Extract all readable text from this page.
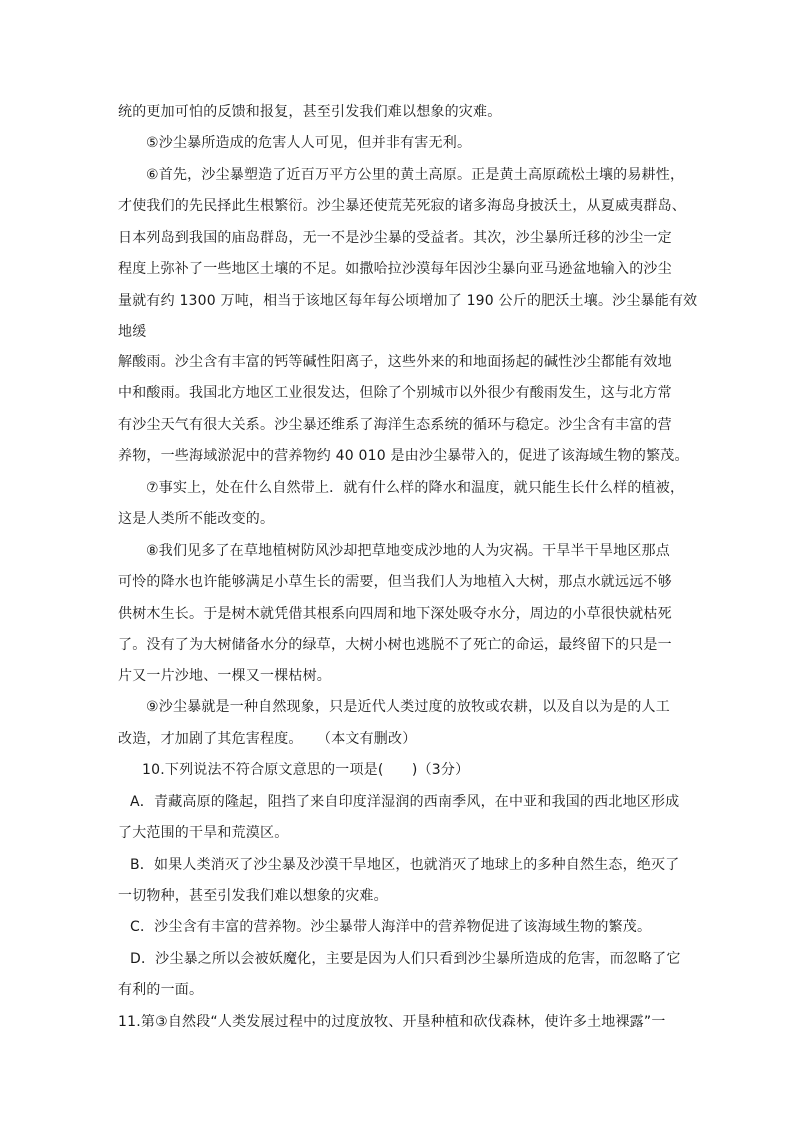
统的更加可怕的反馈和报复，甚至引发我们难以想象的灾难。
⑤沙尘暴所造成的危害人人可见，但并非有害无利。
⑥首先，沙尘暴塑造了近百万平方公里的黄土高原。正是黄土高原疏松土壤的易耕性，
才使我们的先民择此生根繁衍。沙尘暴还使荒芜死寂的诸多海岛身披沃土，从夏威夷群岛、
日本列岛到我国的庙岛群岛，无一不是沙尘暴的受益者。其次，沙尘暴所迁移的沙尘一定
程度上弥补了一些地区土壤的不足。如撒哈拉沙漠每年因沙尘暴向亚马逊盆地输入的沙尘
量就有约 1300 万吨，相当于该地区每年每公顷增加了 190 公斤的肥沃土壤。沙尘暴能有效
地缓
解酸雨。沙尘含有丰富的钙等碱性阳离子，这些外来的和地面扬起的碱性沙尘都能有效地
中和酸雨。我国北方地区工业很发达，但除了个别城市以外很少有酸雨发生，这与北方常
有沙尘天气有很大关系。沙尘暴还维系了海洋生态系统的循环与稳定。沙尘含有丰富的营
养物，一些海域淤泥中的营养物约 40 010 是由沙尘暴带入的，促进了该海域生物的繁茂。
⑦事实上，处在什么自然带上．就有什么样的降水和温度，就只能生长什么样的植被，
这是人类所不能改变的。
⑧我们见多了在草地植树防风沙却把草地变成沙地的人为灾祸。干旱半干旱地区那点
可怜的降水也许能够满足小草生长的需要，但当我们人为地植入大树，那点水就远远不够
供树木生长。于是树木就凭借其根系向四周和地下深处吸夺水分，周边的小草很快就枯死
了。没有了为大树储备水分的绿草，大树小树也逃脱不了死亡的命运，最终留下的只是一
片又一片沙地、一棵又一棵枯树。
⑨沙尘暴就是一种自然现象，只是近代人类过度的放牧或农耕，以及自以为是的人工
改造，才加剧了其危害程度。　　（本文有删改）
10.下列说法不符合原文意思的一项是(　　)（3分）
A．青藏高原的隆起，阻挡了来自印度洋湿润的西南季风，在中亚和我国的西北地区形成
了大范围的干旱和荒漠区。
B．如果人类消灭了沙尘暴及沙漠干旱地区，也就消灭了地球上的多种自然生态，绝灭了
一切物种，甚至引发我们难以想象的灾难。
C．沙尘含有丰富的营养物。沙尘暴带人海洋中的营养物促进了该海域生物的繁茂。
D．沙尘暴之所以会被妖魔化，主要是因为人们只看到沙尘暴所造成的危害，而忽略了它
有利的一面。
11.第③自然段“人类发展过程中的过度放牧、开垦种植和砍伐森林，使许多土地裸露”一
